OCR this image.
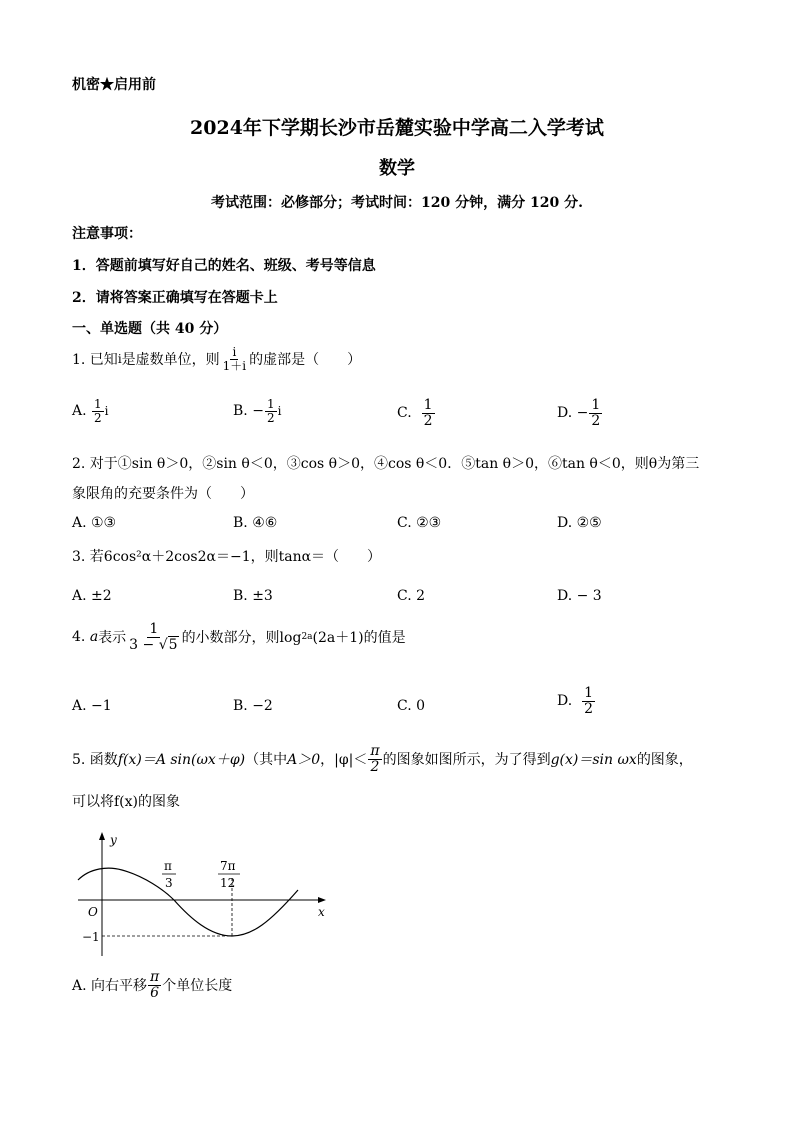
机密★启用前
2024年下学期长沙市岳麓实验中学高二入学考试
数学
考试范围：必修部分；考试时间：120 分钟，满分 120 分.
注意事项：
1．答题前填写好自己的姓名、班级、考号等信息
2．请将答案正确填写在答题卡上
一、单选题（共 40 分）
1. 已知 i 是虚数单位，则 $\frac{i}{1+i}$ 的虚部是（　　）
A.
$\frac{1}{2}$ i	B.
− $\frac{1}{2}$ i	C.
$\frac{1}{2}$	D.
− $\frac{1}{2}$
2. 对于①sin θ＞0，②sin θ＜0，③cos θ＞0，④cos θ＜0．⑤tan θ＞0，⑥tan θ＜0，则θ为第三
象限角的充要条件为（　　）
A. ①③	B. ④⑥	C. ②③	D. ②⑤
3. 若6cos²α＋2cos2α＝−1，则tanα＝（　　）
A. ±2	B. ±3	C. 2	D. − 3
4.
a 表示 $\frac{1}{3 - √5}$ 的小数部分，则log 2a (2a＋1)的值是
A. −1	B. −2	C. 0	D.
$\frac{1}{2}$
5. 函数 f(x)＝A sin(ωx＋φ) （其中 A＞0 ，$|\varphi|< \frac{\pi}{2}$ 的图象如图所示，为了得到 g(x)＝sin ωx 的图象，
可以将f(x)的图象
y
x
O
π
3
7π
12
−1
A. 向右平移 $\frac{\pi}{6}$ 个单位长度
